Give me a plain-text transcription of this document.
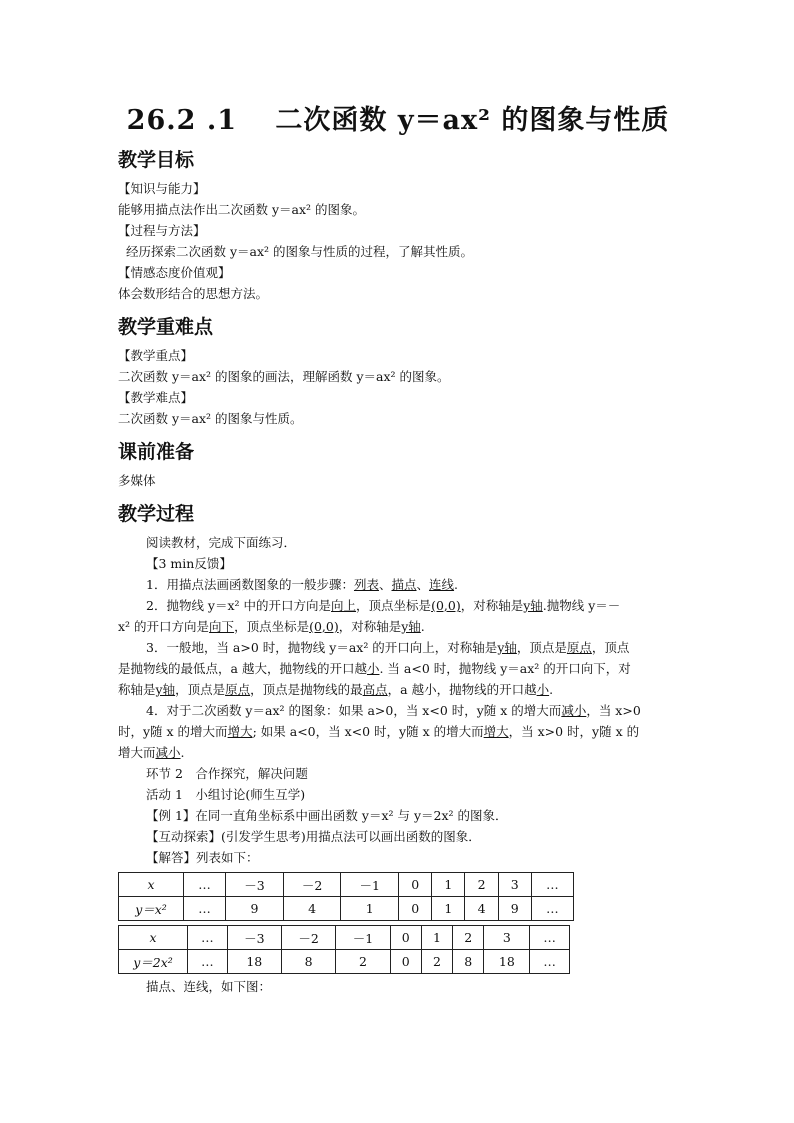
26.2 .1　 二次函数 y＝ax² 的图象与性质
教学目标

【知识与能力】

能够用描点法作出二次函数 y＝ax² 的图象。

【过程与方法】

经历探索二次函数 y＝ax² 的图象与性质的过程，了解其性质。

【情感态度价值观】

体会数形结合的思想方法。

教学重难点

【教学重点】

二次函数 y＝ax² 的图象的画法，理解函数 y＝ax² 的图象。

【教学难点】

二次函数 y＝ax² 的图象与性质。

课前准备

多媒体

教学过程

阅读教材，完成下面练习．

【3 min反馈】

1．用描点法画函数图象的一般步骤：列表、描点、连线.

2．抛物线 y＝x² 中的开口方向是向上，顶点坐标是(0,0)，对称轴是y轴.抛物线 y＝－

x² 的开口方向是向下，顶点坐标是(0,0)，对称轴是y轴.

3．一般地，当 a>0 时，抛物线 y＝ax² 的开口向上，对称轴是y轴，顶点是原点，顶点

是抛物线的最低点，a 越大，抛物线的开口越小. 当 a<0 时，抛物线 y＝ax² 的开口向下，对

称轴是y轴，顶点是原点，顶点是抛物线的最高点，a 越小，抛物线的开口越小.

4．对于二次函数 y＝ax² 的图象：如果 a>0，当 x<0 时，y随 x 的增大而减小，当 x>0

时，y随 x 的增大而增大; 如果 a<0，当 x<0 时，y随 x 的增大而增大，当 x>0 时，y随 x 的

增大而减小.

环节 2　合作探究，解决问题

活动 1　小组讨论(师生互学)

【例 1】在同一直角坐标系中画出函数 y＝x² 与 y＝2x² 的图象．

【互动探索】(引发学生思考)用描点法可以画出函数的图象．

【解答】列表如下：

x	…	－3	－2	－1	0	1	2	3	…
y＝x²	…	9	4	1	0	1	4	9	…
x	…	－3	－2	－1	0	1	2	3	…
y＝2x²	…	18	8	2	0	2	8	18	…

描点、连线，如下图：
